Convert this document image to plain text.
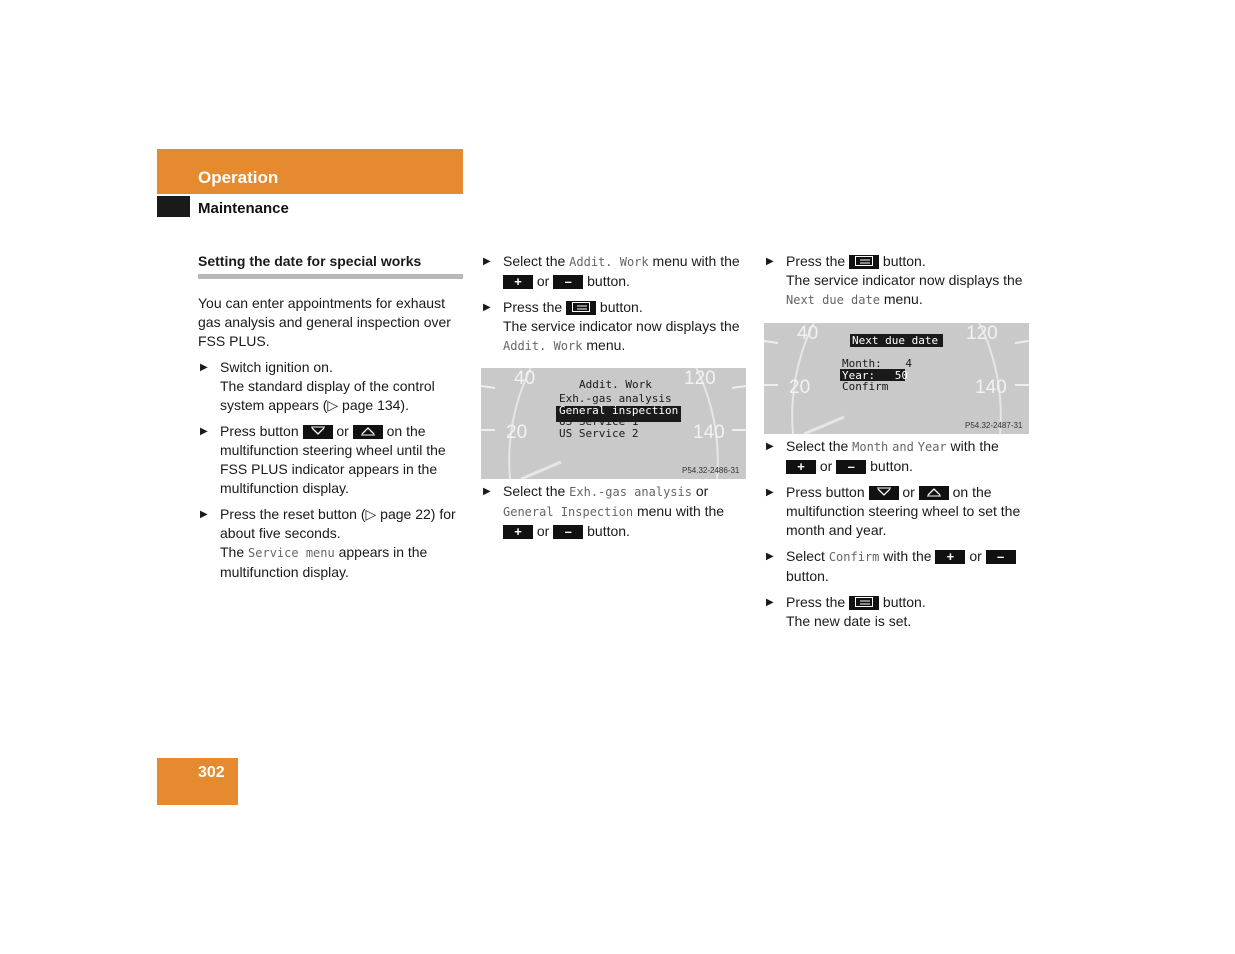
Operation
Maintenance
Setting the date for special works

You can enter appointments for exhaust gas analysis and general inspection over FSS PLUS.

▶ Switch ignition on.

The standard display of the control system appears (▷ page 134).

▶ Press button	or	on the multifunction steering wheel until the FSS PLUS indicator appears in the multifunction display.
▶ Press the reset button (▷ page 22) for about five seconds.

The Service menu appears in the multifunction display.

▶ Select the Addit. Work menu with the
+ or – button.
▶ Press the	button.

The service indicator now displays the Addit. Work menu.

40
20
120
140
Addit. Work
Exh.-gas analysis
General inspection
US Service 1
US Service 2
P54.32-2486-31
▶ Select the Exh.-gas analysis or
General Inspection menu with the
+ or – button.
▶ Press the	button.

The service indicator now displays the Next due date menu.

40
20
120
140
Next due date
Month: 4
Year: 50
Confirm
P54.32-2487-31
▶ Select the Month and Year with the
+ or – button.
▶ Press button	or	on the multifunction steering wheel to set the month and year.
▶ Select Confirm with the + or –
button.
▶ Press the	button.

The new date is set.

302
